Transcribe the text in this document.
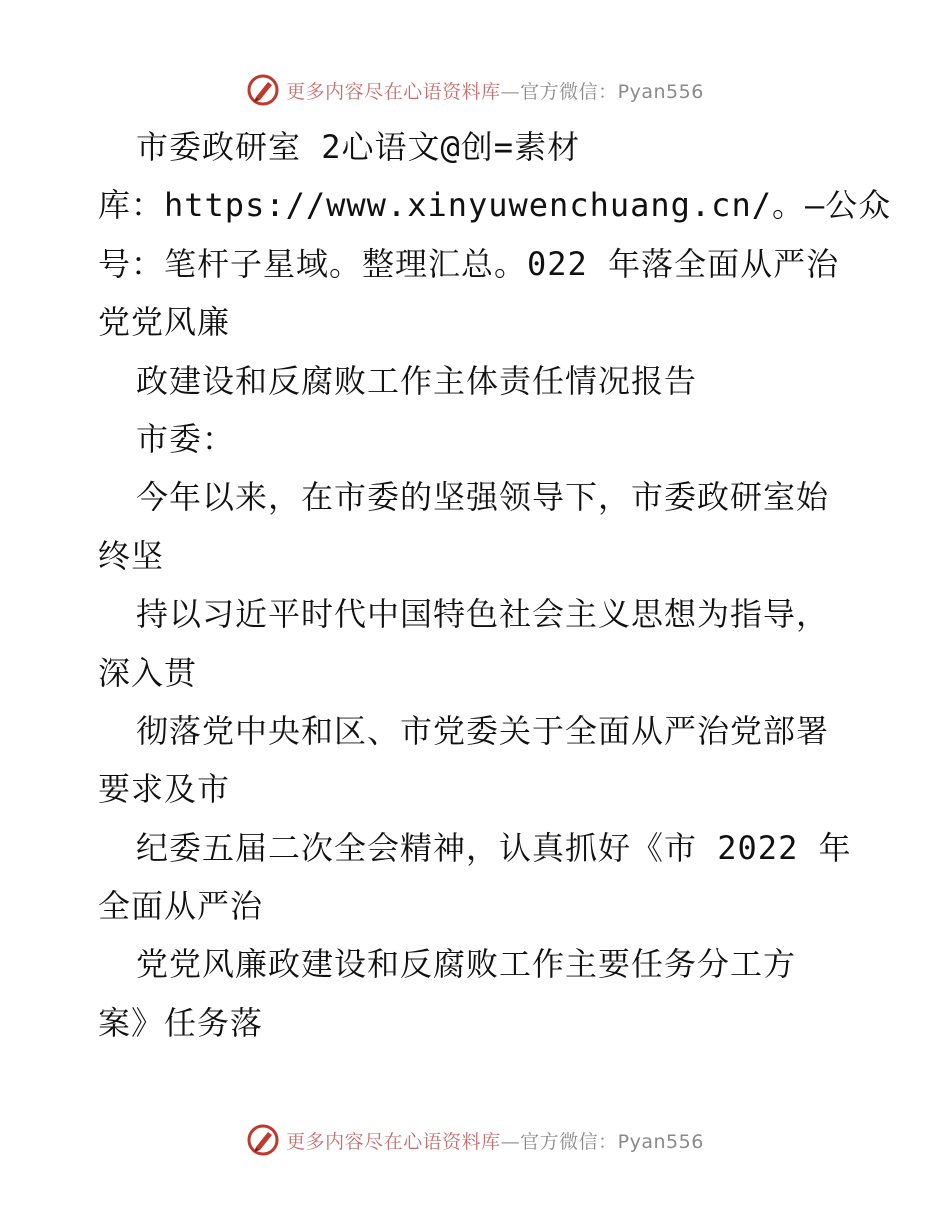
更多内容尽在心语资料库—官方微信：Pyan556
市委政研室 2心语文@创=素材
库：https://www.xinyuwenchuang.cn/。—公众
号：笔杆子星域。整理汇总。022 年落全面从严治
党党风廉
政建设和反腐败工作主体责任情况报告
市委：
今年以来，在市委的坚强领导下，市委政研室始
终坚
持以习近平时代中国特色社会主义思想为指导，
深入贯
彻落党中央和区、市党委关于全面从严治党部署
要求及市
纪委五届二次全会精神，认真抓好《市 2022 年
全面从严治
党党风廉政建设和反腐败工作主要任务分工方
案》任务落
更多内容尽在心语资料库—官方微信：Pyan556
